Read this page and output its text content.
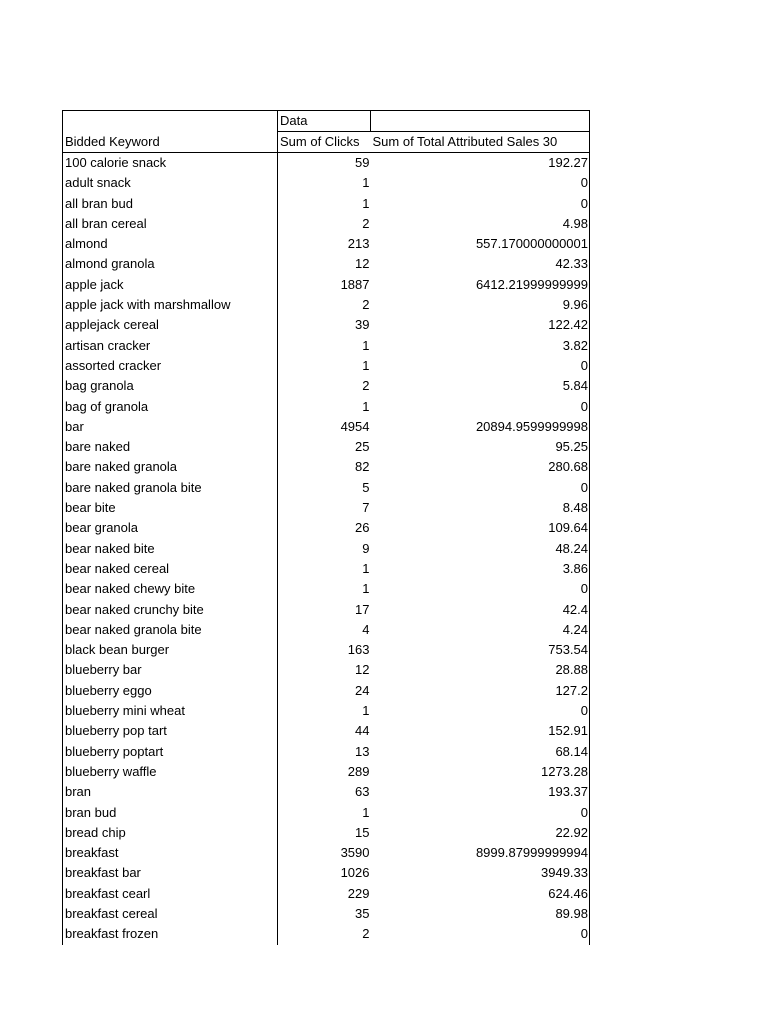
	Data	
Bidded Keyword	Sum of Clicks	Sum of Total Attributed Sales 30
100 calorie snack	59	192.27
adult snack	1	0
all bran bud	1	0
all bran cereal	2	4.98
almond	213	557.170000000001
almond granola	12	42.33
apple jack	1887	6412.21999999999
apple jack with marshmallow	2	9.96
applejack cereal	39	122.42
artisan cracker	1	3.82
assorted cracker	1	0
bag granola	2	5.84
bag of granola	1	0
bar	4954	20894.9599999998
bare naked	25	95.25
bare naked granola	82	280.68
bare naked granola bite	5	0
bear bite	7	8.48
bear granola	26	109.64
bear naked bite	9	48.24
bear naked cereal	1	3.86
bear naked chewy bite	1	0
bear naked crunchy bite	17	42.4
bear naked granola bite	4	4.24
black bean burger	163	753.54
blueberry bar	12	28.88
blueberry eggo	24	127.2
blueberry mini wheat	1	0
blueberry pop tart	44	152.91
blueberry poptart	13	68.14
blueberry waffle	289	1273.28
bran	63	193.37
bran bud	1	0
bread chip	15	22.92
breakfast	3590	8999.87999999994
breakfast bar	1026	3949.33
breakfast cearl	229	624.46
breakfast cereal	35	89.98
breakfast frozen	2	0
